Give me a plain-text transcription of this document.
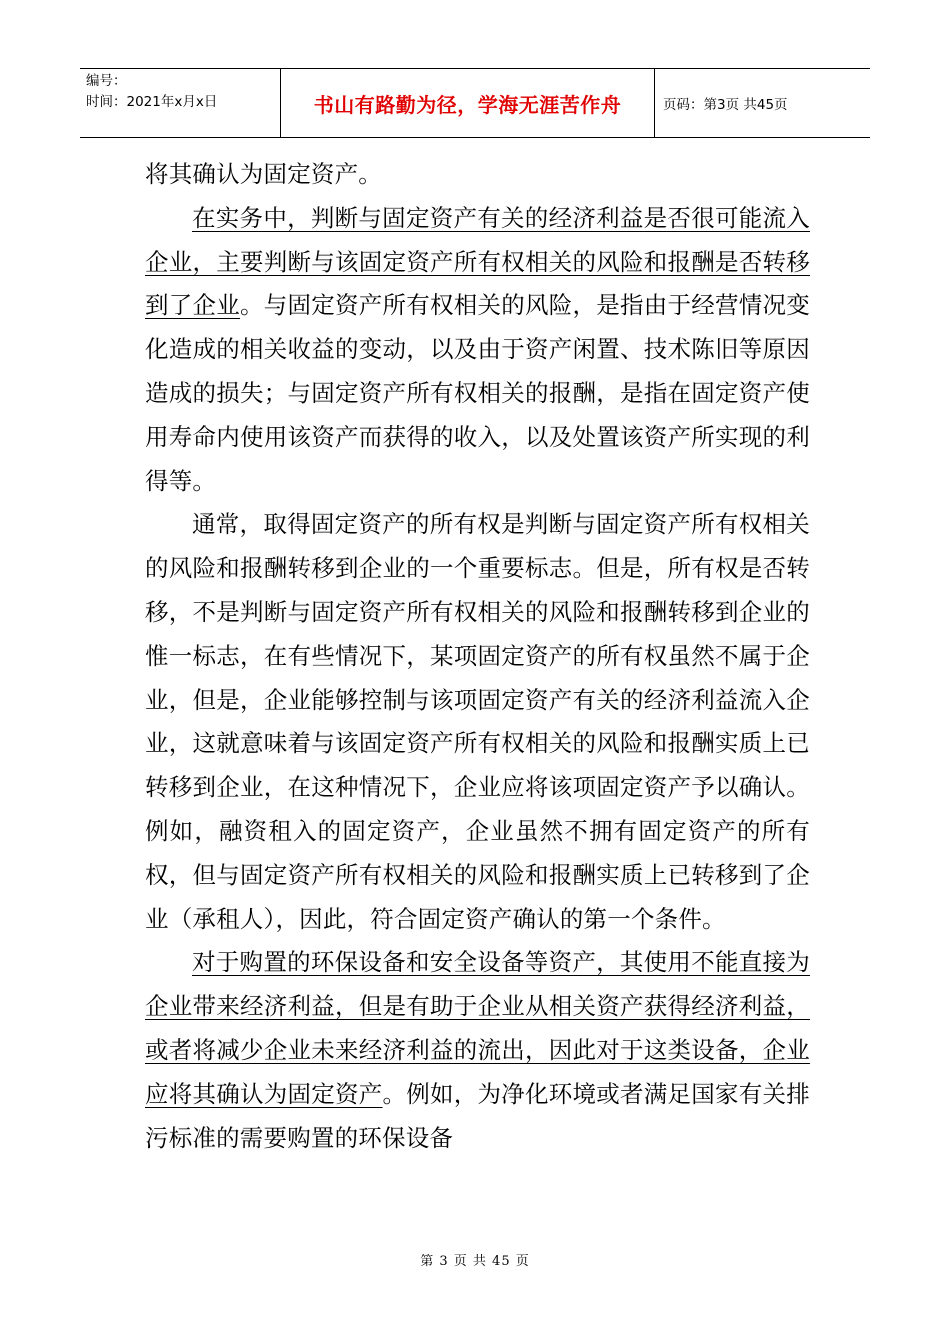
编号：
时间：2021年x月x日	书山有路勤为径，学海无涯苦作舟	页码：第3页 共45页

将其确认为固定资产。

在实务中，判断与固定资产有关的经济利益是否很可能流入企业，主要判断与该固定资产所有权相关的风险和报酬是否转移到了企业。与固定资产所有权相关的风险，是指由于经营情况变化造成的相关收益的变动，以及由于资产闲置、技术陈旧等原因造成的损失；与固定资产所有权相关的报酬，是指在固定资产使用寿命内使用该资产而获得的收入，以及处置该资产所实现的利得等。

通常，取得固定资产的所有权是判断与固定资产所有权相关的风险和报酬转移到企业的一个重要标志。但是，所有权是否转移，不是判断与固定资产所有权相关的风险和报酬转移到企业的惟一标志，在有些情况下，某项固定资产的所有权虽然不属于企业，但是，企业能够控制与该项固定资产有关的经济利益流入企业，这就意味着与该固定资产所有权相关的风险和报酬实质上已转移到企业，在这种情况下，企业应将该项固定资产予以确认。例如，融资租入的固定资产，企业虽然不拥有固定资产的所有权，但与固定资产所有权相关的风险和报酬实质上已转移到了企业（承租人），因此，符合固定资产确认的第一个条件。

对于购置的环保设备和安全设备等资产，其使用不能直接为企业带来经济利益，但是有助于企业从相关资产获得经济利益，或者将减少企业未来经济利益的流出，因此对于这类设备，企业应将其确认为固定资产。例如，为净化环境或者满足国家有关排污标准的需要购置的环保设备

第 3 页 共 45 页
